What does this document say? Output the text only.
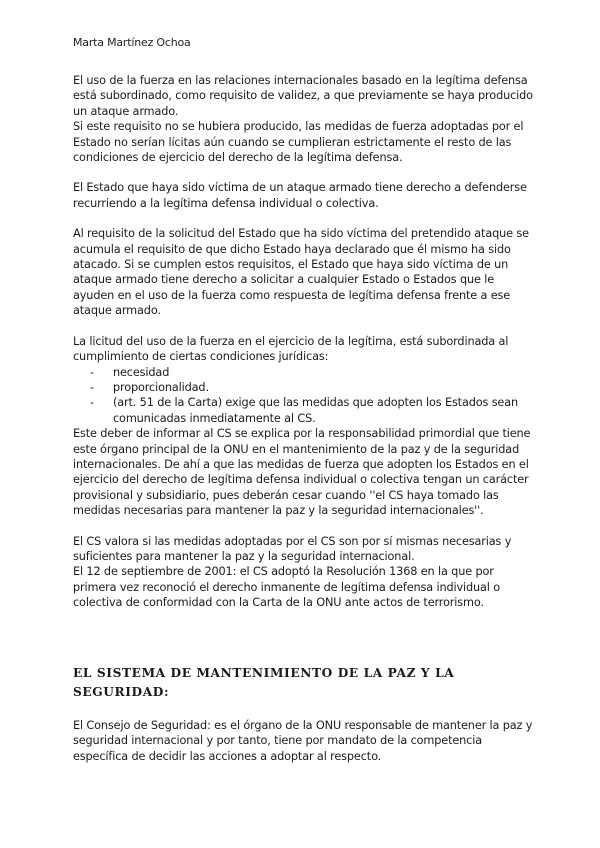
Marta Martínez Ochoa

El uso de la fuerza en las relaciones internacionales basado en la legítima defensa está subordinado, como requisito de validez, a que previamente se haya producido un ataque armado.

Si este requisito no se hubiera producido, las medidas de fuerza adoptadas por el Estado no serían lícitas aún cuando se cumplieran estrictamente el resto de las condiciones de ejercicio del derecho de la legítima defensa.

El Estado que haya sido víctima de un ataque armado tiene derecho a defenderse recurriendo a la legítima defensa individual o colectiva.

Al requisito de la solicitud del Estado que ha sido víctima del pretendido ataque se acumula el requisito de que dicho Estado haya declarado que él mismo ha sido atacado. Si se cumplen estos requisitos, el Estado que haya sido víctima de un ataque armado tiene derecho a solicitar a cualquier Estado o Estados que le ayuden en el uso de la fuerza como respuesta de legítima defensa frente a ese ataque armado.

La licitud del uso de la fuerza en el ejercicio de la legítima, está subordinada al cumplimiento de ciertas condiciones jurídicas:

- necesidad
- proporcionalidad.
- (art. 51 de la Carta) exige que las medidas que adopten los Estados sean comunicadas inmediatamente al CS.

Este deber de informar al CS se explica por la responsabilidad primordial que tiene este órgano principal de la ONU en el mantenimiento de la paz y de la seguridad internacionales. De ahí a que las medidas de fuerza que adopten los Estados en el ejercicio del derecho de legítima defensa individual o colectiva tengan un carácter provisional y subsidiario, pues deberán cesar cuando ''el CS haya tomado las medidas necesarias para mantener la paz y la seguridad internacionales''.

El CS valora si las medidas adoptadas por el CS son por sí mismas necesarias y suficientes para mantener la paz y la seguridad internacional.

El 12 de septiembre de 2001: el CS adoptó la Resolución 1368 en la que por primera vez reconoció el derecho inmanente de legítima defensa individual o colectiva de conformidad con la Carta de la ONU ante actos de terrorismo.

EL SISTEMA DE MANTENIMIENTO DE LA PAZ Y LA SEGURIDAD:

El Consejo de Seguridad: es el órgano de la ONU responsable de mantener la paz y seguridad internacional y por tanto, tiene por mandato de la competencia específica de decidir las acciones a adoptar al respecto.
